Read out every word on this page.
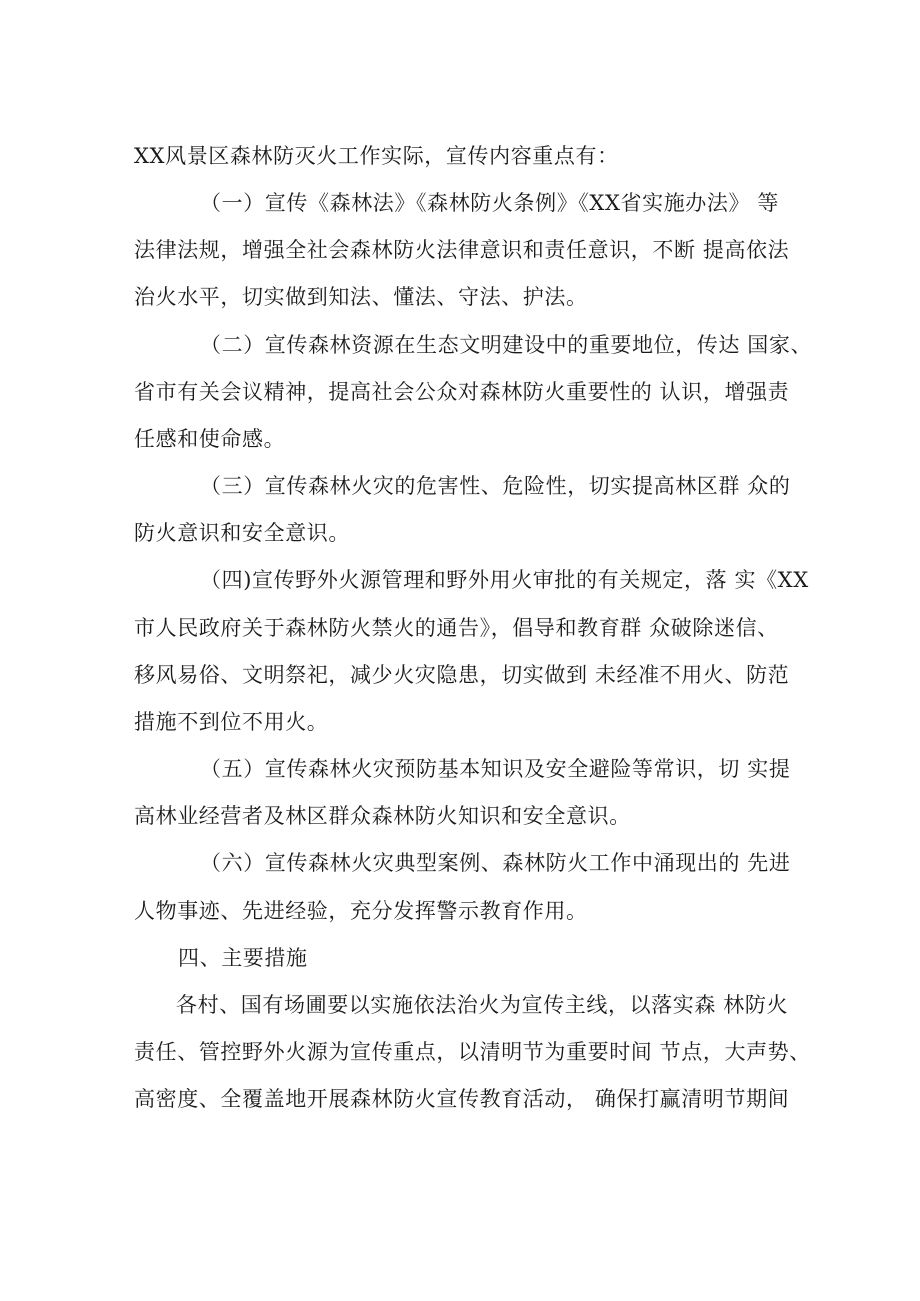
XX风景区森林防灭火工作实际，宣传内容重点有：
（一）宣传《森林法》《森林防火条例》《XX省实施办法》 等
法律法规，增强全社会森林防火法律意识和责任意识，不断 提高依法
治火水平，切实做到知法、懂法、守法、护法。
（二）宣传森林资源在生态文明建设中的重要地位，传达 国家、
省市有关会议精神，提高社会公众对森林防火重要性的 认识，增强责
任感和使命感。
（三）宣传森林火灾的危害性、危险性，切实提高林区群 众的
防火意识和安全意识。
（四)宣传野外火源管理和野外用火审批的有关规定，落 实《XX
市人民政府关于森林防火禁火的通告》，倡导和教育群 众破除迷信、
移风易俗、文明祭祀，减少火灾隐患，切实做到 未经准不用火、防范
措施不到位不用火。
（五）宣传森林火灾预防基本知识及安全避险等常识，切 实提
高林业经营者及林区群众森林防火知识和安全意识。
（六）宣传森林火灾典型案例、森林防火工作中涌现出的 先进
人物事迹、先进经验，充分发挥警示教育作用。
四、主要措施
各村、国有场圃要以实施依法治火为宣传主线，以落实森 林防火
责任、管控野外火源为宣传重点，以清明节为重要时间 节点，大声势、
高密度、全覆盖地开展森林防火宣传教育活动， 确保打赢清明节期间
